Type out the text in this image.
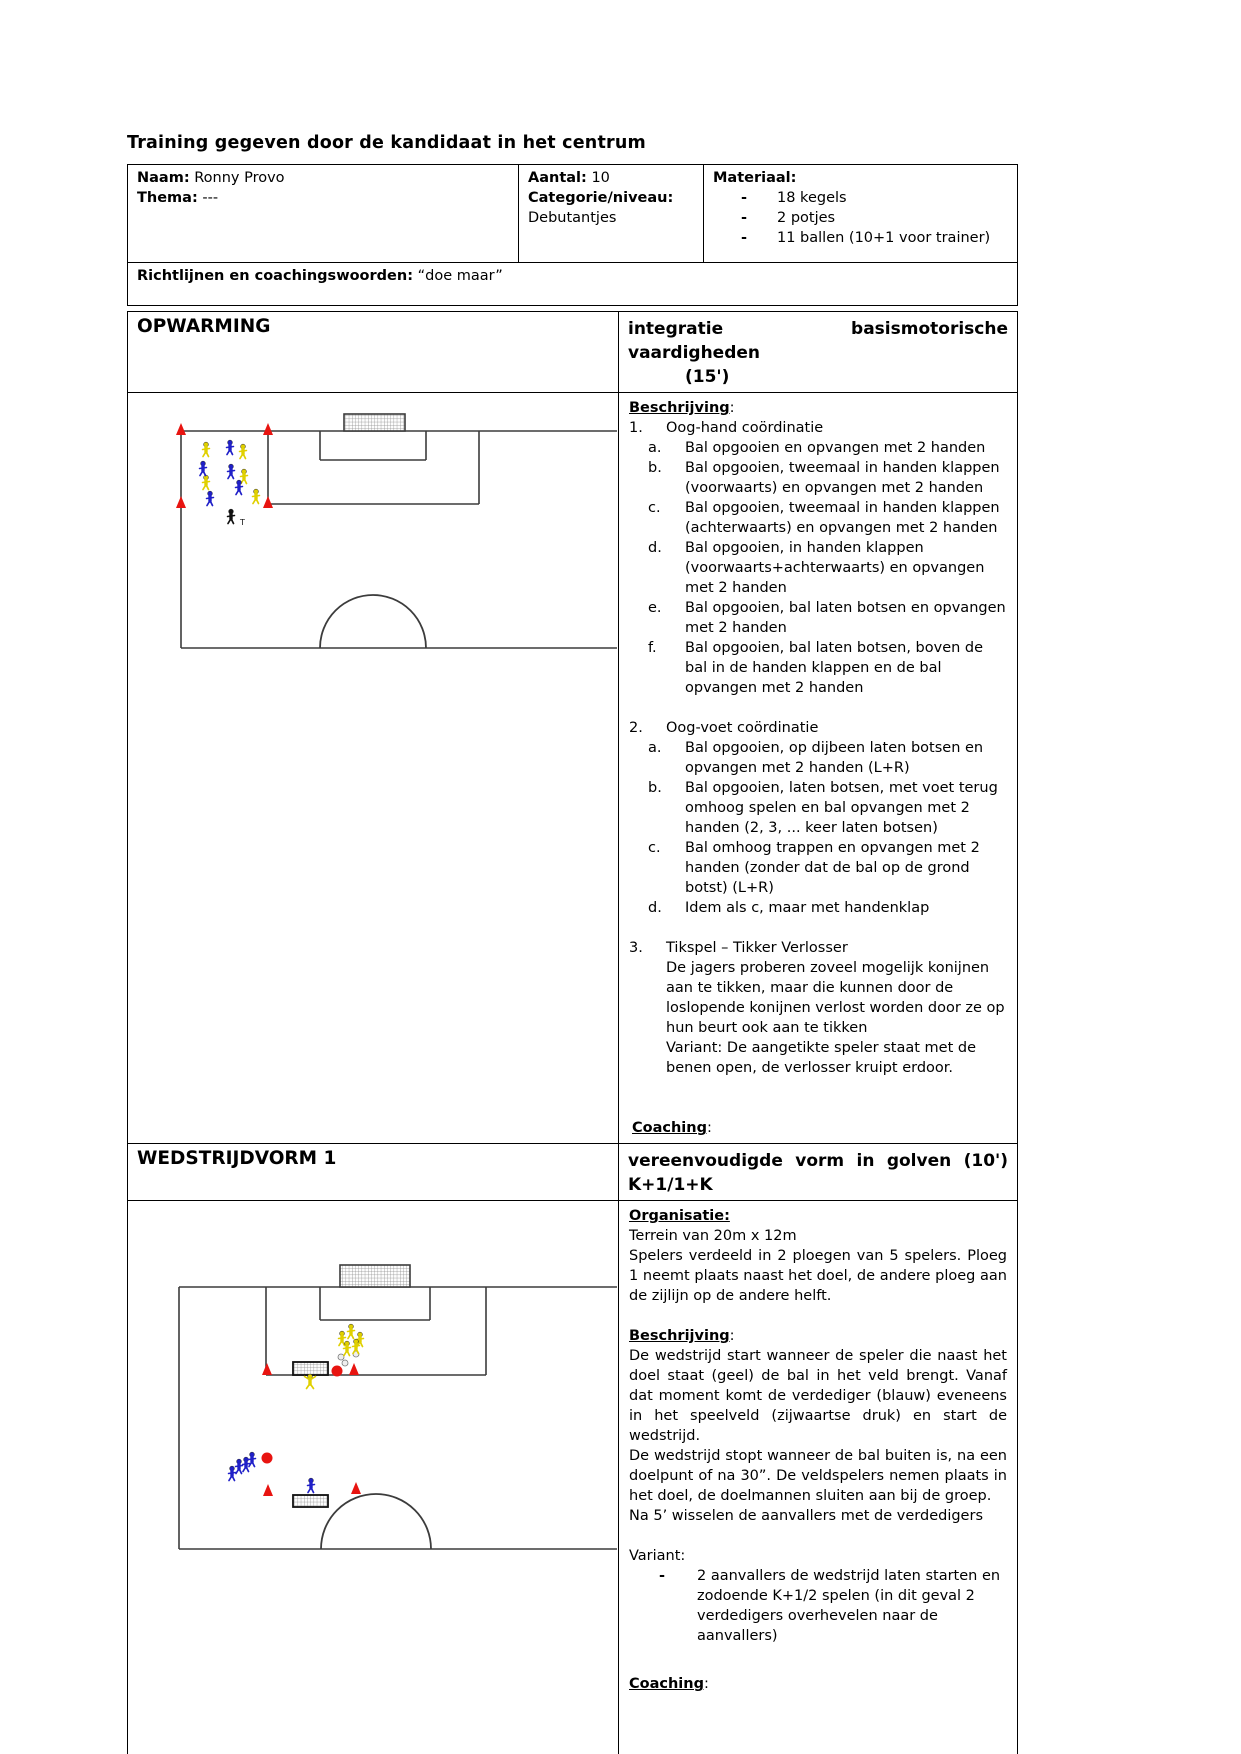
Training gegeven door de kandidaat in het centrum
Naam: Ronny Provo
Thema: ---

Aantal: 10
Categorie/niveau:
Debutantjes

Materiaal:
-	18 kegels
-	2 potjes
-	11 ballen (10+1 voor trainer)

Richtlijnen en coachingswoorden: “doe maar”
OPWARMING	integratie basismotorische vaardigheden
(15')

T

Beschrijving:
1.	Oog-hand coördinatie
a.	Bal opgooien en opvangen met 2 handen
b.	Bal opgooien, tweemaal in handen klappen (voorwaarts) en opvangen met 2 handen
c.	Bal opgooien, tweemaal in handen klappen (achterwaarts) en opvangen met 2 handen
d.	Bal opgooien, in handen klappen (voorwaarts+achterwaarts) en opvangen met 2 handen
e.	Bal opgooien, bal laten botsen en opvangen met 2 handen
f.	Bal opgooien, bal laten botsen, boven de bal in de handen klappen en de bal opvangen met 2 handen
2.	Oog-voet coördinatie
a.	Bal opgooien, op dijbeen laten botsen en opvangen met 2 handen (L+R)
b.	Bal opgooien, laten botsen, met voet terug omhoog spelen en bal opvangen met 2 handen (2, 3, ... keer laten botsen)
c.	Bal omhoog trappen en opvangen met 2 handen (zonder dat de bal op de grond botst) (L+R)
d.	Idem als c, maar met handenklap
3.	Tikspel – Tikker Verlosser
De jagers proberen zoveel mogelijk konijnen aan te tikken, maar die kunnen door de loslopende konijnen verlost worden door ze op hun beurt ook aan te tikken
Variant: De aangetikte speler staat met de benen open, de verlosser kruipt erdoor.
Coaching:

WEDSTRIJDVORM 1	vereenvoudigde vorm in golven (10')
K+1/1+K

Organisatie:
Terrein van 20m x 12m
Spelers verdeeld in 2 ploegen van 5 spelers. Ploeg 1 neemt plaats naast het doel, de andere ploeg aan de zijlijn op de andere helft.
Beschrijving:
De wedstrijd start wanneer de speler die naast het doel staat (geel) de bal in het veld brengt. Vanaf dat moment komt de verdediger (blauw) eveneens in het speelveld (zijwaartse druk) en start de wedstrijd.
De wedstrijd stopt wanneer de bal buiten is, na een doelpunt of na 30”. De veldspelers nemen plaats in het doel, de doelmannen sluiten aan bij de groep.
Na 5’ wisselen de aanvallers met de verdedigers
Variant:
-	2 aanvallers de wedstrijd laten starten en zodoende K+1/2 spelen (in dit geval 2 verdedigers overhevelen naar de aanvallers)
Coaching:
